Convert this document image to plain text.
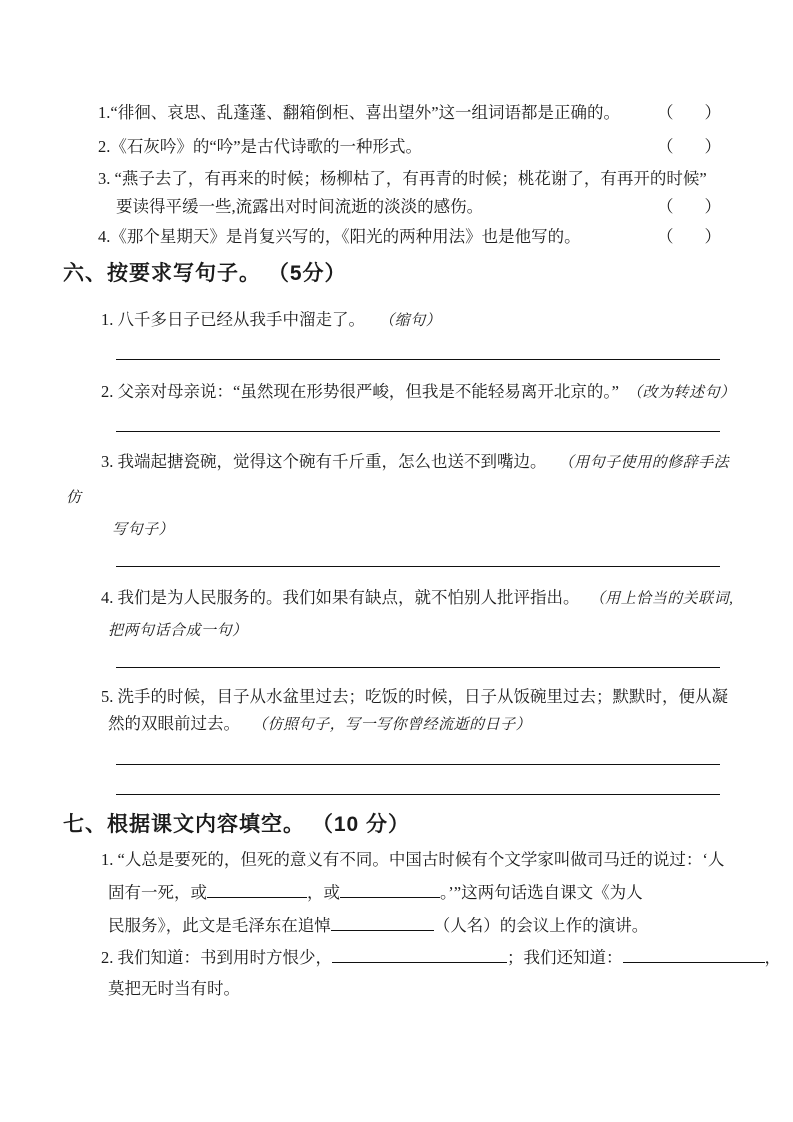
1.“徘徊、哀思、乱蓬蓬、翻箱倒柜、喜出望外”这一组词语都是正确的。 （ ）
2.《石灰吟》的“吟”是古代诗歌的一种形式。	（ ）
3. “燕子去了，有再来的时候；杨柳枯了，有再青的时候；桃花谢了，有再开的时候”
要读得平缓一些,流露出对时间流逝的淡淡的感伤。	（ ）
4.《那个星期天》是肖复兴写的，《阳光的两种用法》也是他写的。	（ ）
六、按要求写句子。 （5分）
1. 八千多日子已经从我手中溜走了。 （缩句）
2. 父亲对母亲说：“虽然现在形势很严峻，但我是不能轻易离开北京的。” （改为转述句）
3. 我端起搪瓷碗，觉得这个碗有千斤重，怎么也送不到嘴边。 （用句子使用的修辞手法
仿
写句子）
4. 我们是为人民服务的。我们如果有缺点，就不怕别人批评指出。 （用上恰当的关联词,
把两句话合成一句）
5. 洗手的时候，目子从水盆里过去；吃饭的时候，日子从饭碗里过去；默默时，便从凝
然的双眼前过去。 （仿照句子，写一写你曾经流逝的日子）
七、根据课文内容填空。 （10 分）
1. “人总是要死的，但死的意义有不同。中国古时候有个文学家叫做司马迁的说过：‘人
固有一死，或	，或	。’”这两句话选自课文《为人
民服务》，此文是毛泽东在追悼	（人名）的会议上作的演讲。
2. 我们知道：书到用时方恨少，	；我们还知道：	，
莫把无时当有时。
